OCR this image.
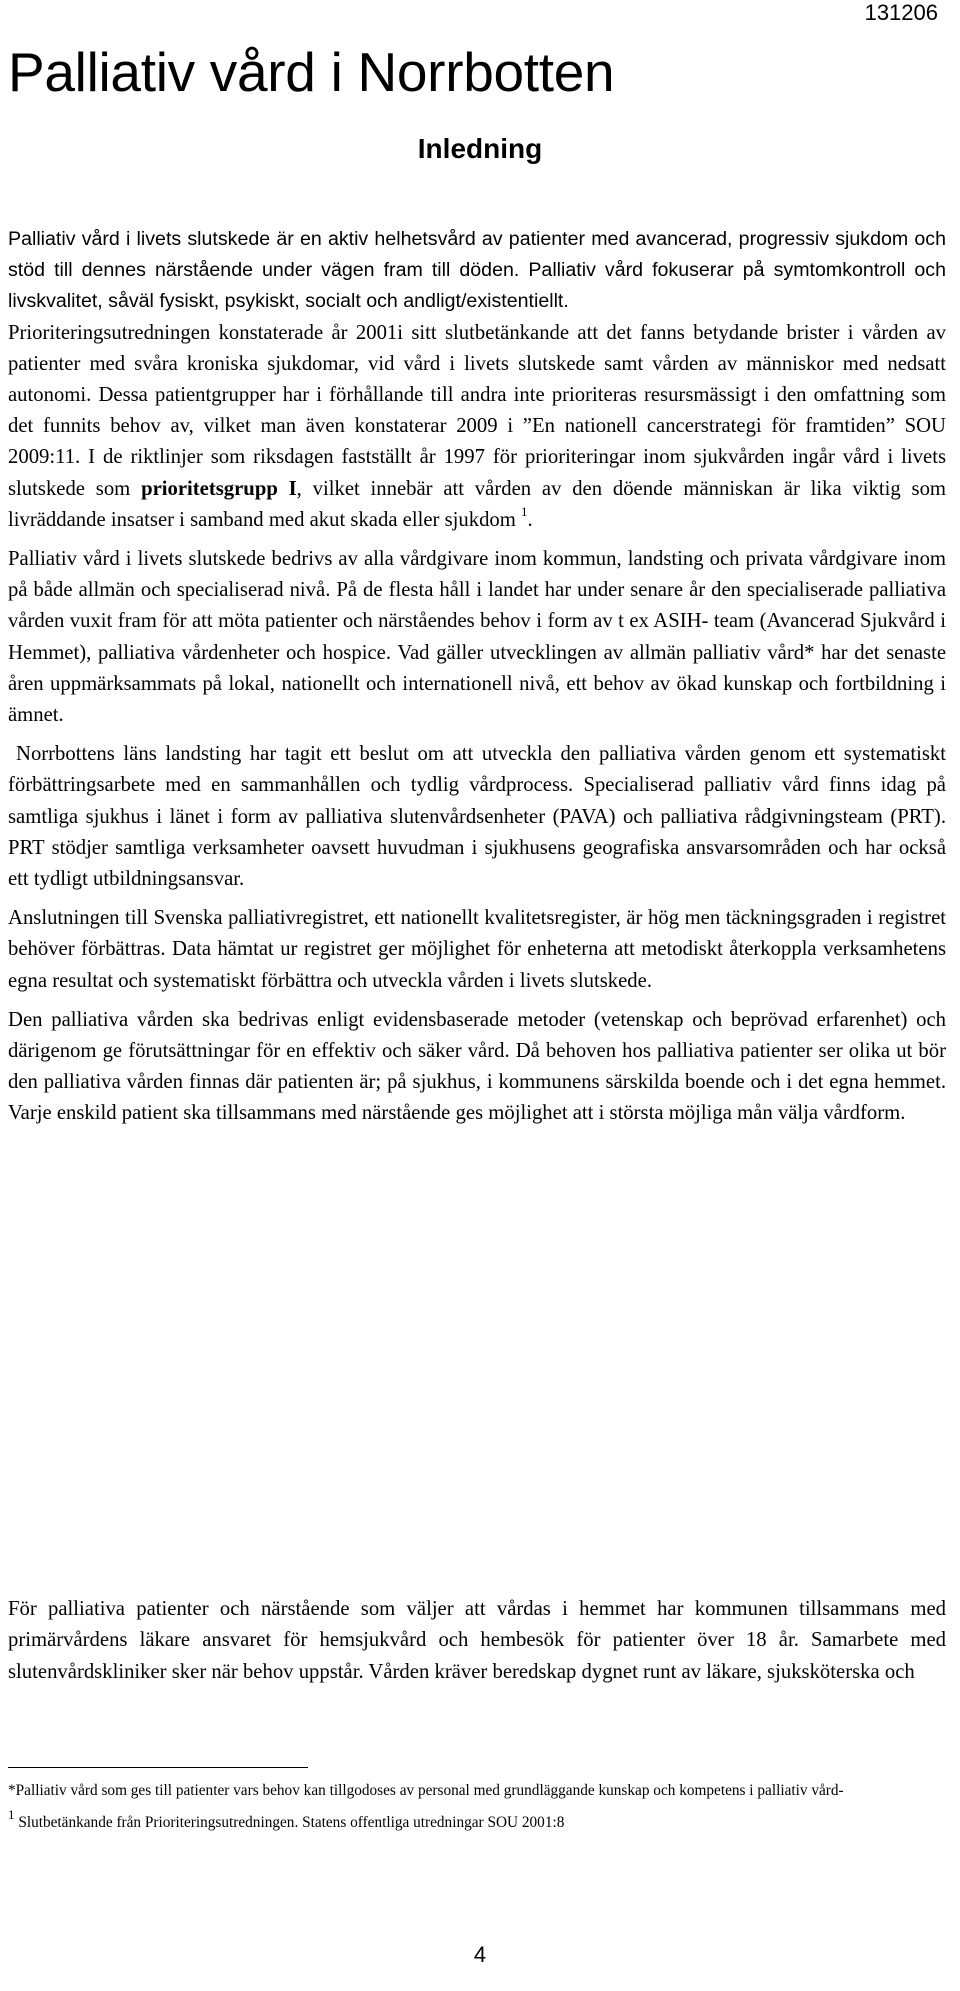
131206
Palliativ vård i Norrbotten
Inledning

Palliativ vård i livets slutskede är en aktiv helhetsvård av patienter med avancerad, progressiv sjukdom och stöd till dennes närstående under vägen fram till döden. Palliativ vård fokuserar på symtomkontroll och livskvalitet, såväl fysiskt, psykiskt, socialt och andligt/existentiellt.

Prioriteringsutredningen konstaterade år 2001i sitt slutbetänkande att det fanns betydande brister i vården av patienter med svåra kroniska sjukdomar, vid vård i livets slutskede samt vården av människor med nedsatt autonomi. Dessa patientgrupper har i förhållande till andra inte prioriteras resursmässigt i den omfattning som det funnits behov av, vilket man även konstaterar 2009 i ”En nationell cancerstrategi för framtiden” SOU 2009:11. I de riktlinjer som riksdagen fastställt år 1997 för prioriteringar inom sjukvården ingår vård i livets slutskede som prioritetsgrupp I, vilket innebär att vården av den döende människan är lika viktig som livräddande insatser i samband med akut skada eller sjukdom $^1$.

Palliativ vård i livets slutskede bedrivs av alla vårdgivare inom kommun, landsting och privata vårdgivare inom på både allmän och specialiserad nivå. På de flesta håll i landet har under senare år den specialiserade palliativa vården vuxit fram för att möta patienter och närståendes behov i form av t ex ASIH- team (Avancerad Sjukvård i Hemmet), palliativa vårdenheter och hospice. Vad gäller utvecklingen av allmän palliativ vård* har det senaste åren uppmärksammats på lokal, nationellt och internationell nivå, ett behov av ökad kunskap och fortbildning i ämnet.

Norrbottens läns landsting har tagit ett beslut om att utveckla den palliativa vården genom ett systematiskt förbättringsarbete med en sammanhållen och tydlig vårdprocess. Specialiserad palliativ vård finns idag på samtliga sjukhus i länet i form av palliativa slutenvårdsenheter (PAVA) och palliativa rådgivningsteam (PRT). PRT stödjer samtliga verksamheter oavsett huvudman i sjukhusens geografiska ansvarsområden och har också ett tydligt utbildningsansvar.

Anslutningen till Svenska palliativregistret, ett nationellt kvalitetsregister, är hög men täckningsgraden i registret behöver förbättras. Data hämtat ur registret ger möjlighet för enheterna att metodiskt återkoppla verksamhetens egna resultat och systematiskt förbättra och utveckla vården i livets slutskede.

Den palliativa vården ska bedrivas enligt evidensbaserade metoder (vetenskap och beprövad erfarenhet) och därigenom ge förutsättningar för en effektiv och säker vård. Då behoven hos palliativa patienter ser olika ut bör den palliativa vården finnas där patienten är; på sjukhus, i kommunens särskilda boende och i det egna hemmet. Varje enskild patient ska tillsammans med närstående ges möjlighet att i största möjliga mån välja vårdform.

För palliativa patienter och närstående som väljer att vårdas i hemmet har kommunen tillsammans med primärvårdens läkare ansvaret för hemsjukvård och hembesök för patienter över 18 år. Samarbete med slutenvårdskliniker sker när behov uppstår. Vården kräver beredskap dygnet runt av läkare, sjuksköterska och

*Palliativ vård som ges till patienter vars behov kan tillgodoses av personal med grundläggande kunskap och kompetens i palliativ vård-

$^1$ Slutbetänkande från Prioriteringsutredningen. Statens offentliga utredningar SOU 2001:8

4
